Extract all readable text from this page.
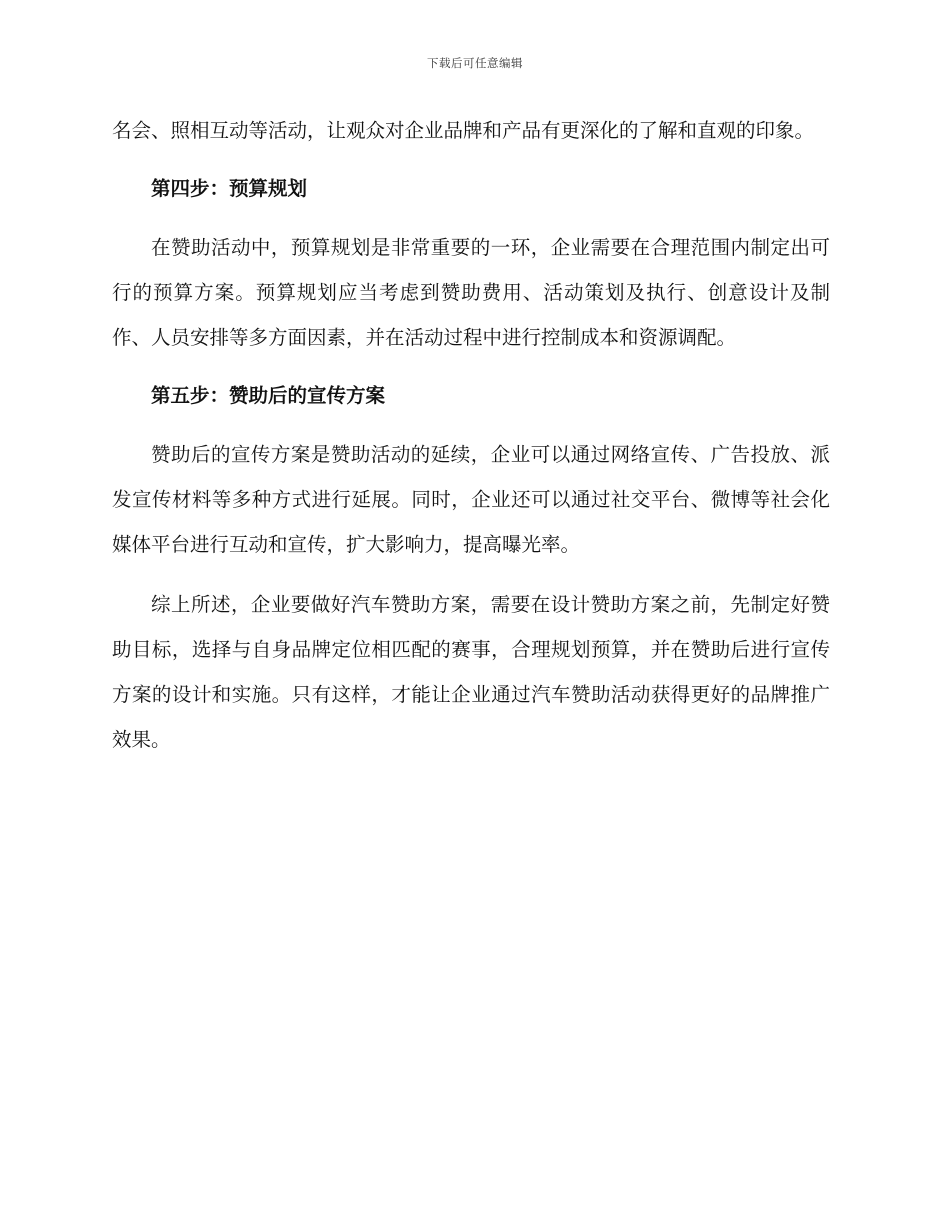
下载后可任意编辑

名会、照相互动等活动，让观众对企业品牌和产品有更深化的了解和直观的印象。

第四步：预算规划

在赞助活动中，预算规划是非常重要的一环，企业需要在合理范围内制定出可行的预算方案。预算规划应当考虑到赞助费用、活动策划及执行、创意设计及制作、人员安排等多方面因素，并在活动过程中进行控制成本和资源调配。

第五步：赞助后的宣传方案

赞助后的宣传方案是赞助活动的延续，企业可以通过网络宣传、广告投放、派发宣传材料等多种方式进行延展。同时，企业还可以通过社交平台、微博等社会化媒体平台进行互动和宣传，扩大影响力，提高曝光率。

综上所述，企业要做好汽车赞助方案，需要在设计赞助方案之前，先制定好赞助目标，选择与自身品牌定位相匹配的赛事，合理规划预算，并在赞助后进行宣传方案的设计和实施。只有这样，才能让企业通过汽车赞助活动获得更好的品牌推广效果。
